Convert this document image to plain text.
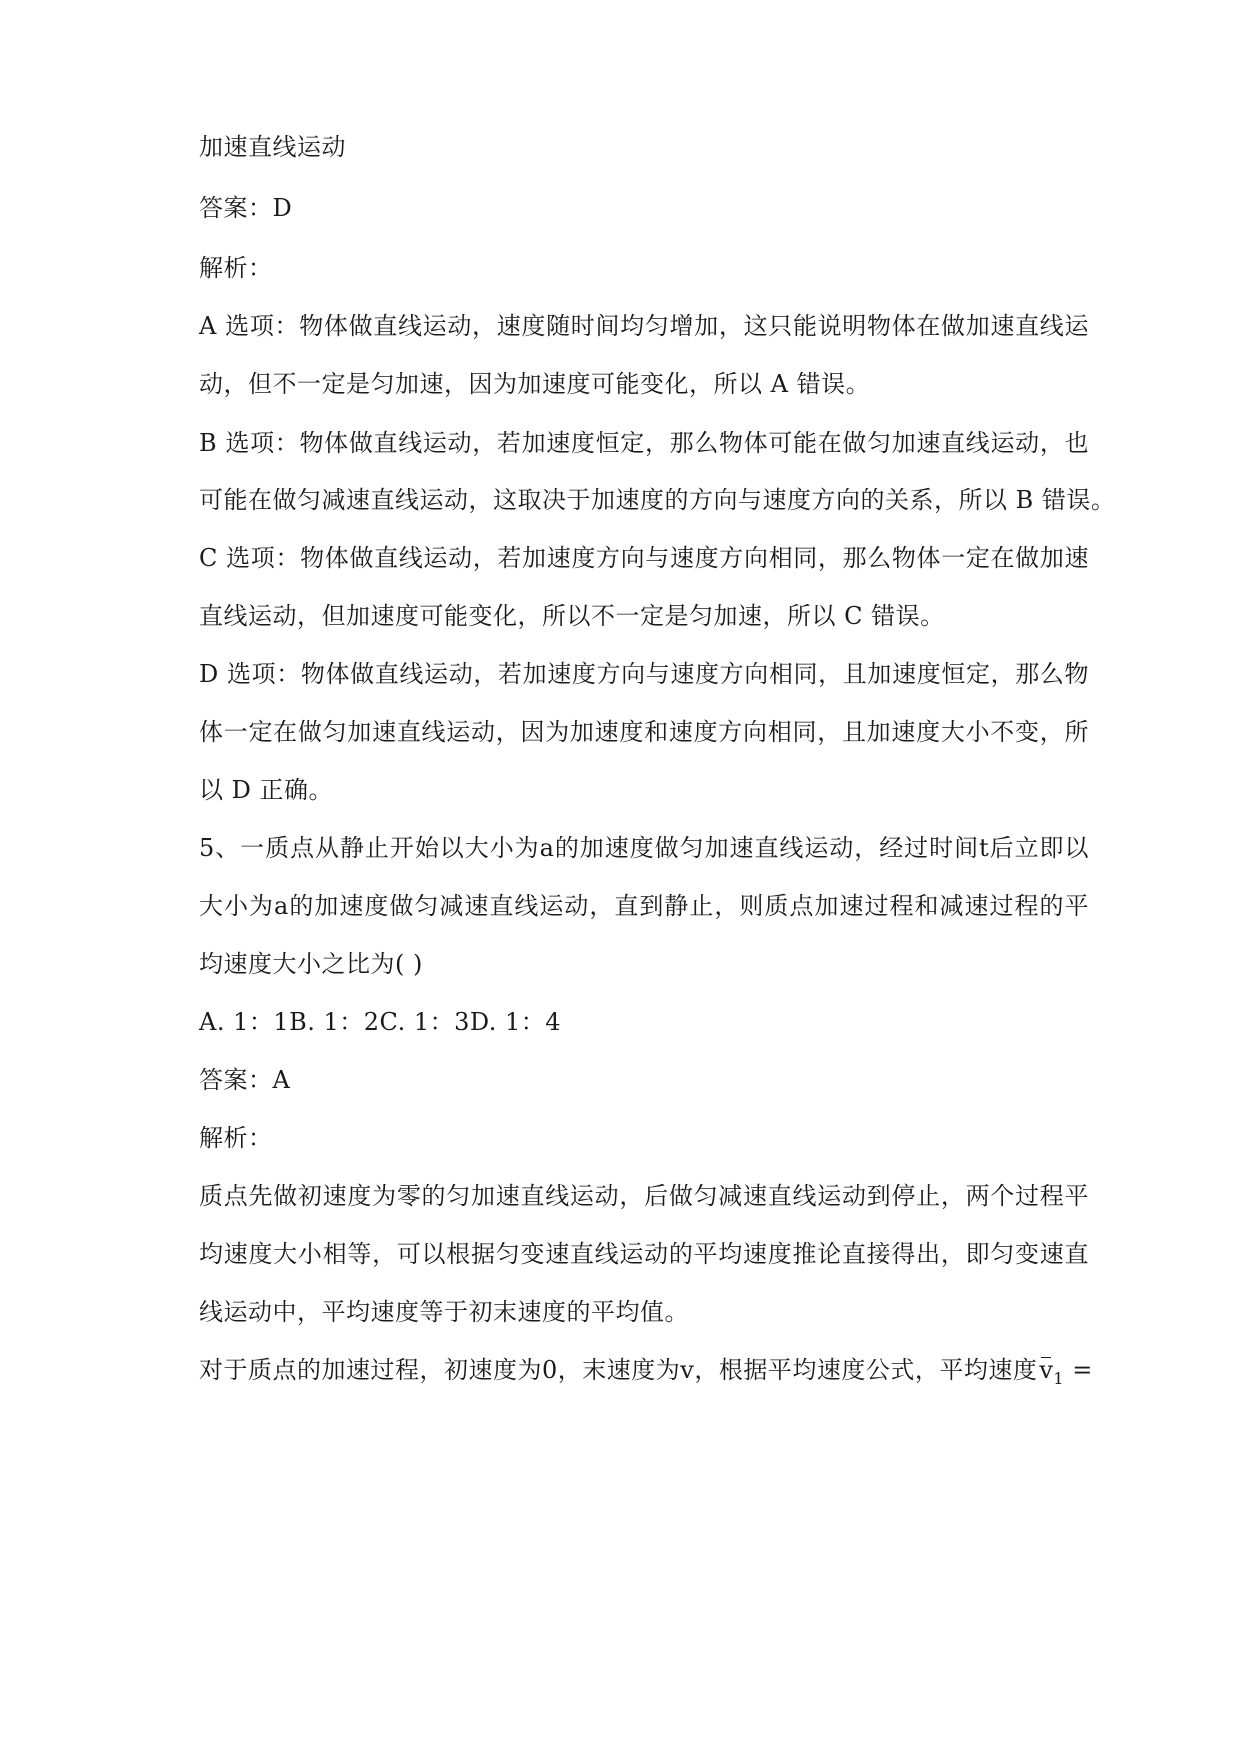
加速直线运动
答案：D
解析：
A 选项：物体做直线运动，速度随时间均匀增加，这只能说明物体在做加速直线运
动，但不一定是匀加速，因为加速度可能变化，所以 A 错误。
B 选项：物体做直线运动，若加速度恒定，那么物体可能在做匀加速直线运动，也
可能在做匀减速直线运动，这取决于加速度的方向与速度方向的关系，所以 B 错误。
C 选项：物体做直线运动，若加速度方向与速度方向相同，那么物体一定在做加速
直线运动，但加速度可能变化，所以不一定是匀加速，所以 C 错误。
D 选项：物体做直线运动，若加速度方向与速度方向相同，且加速度恒定，那么物
体一定在做匀加速直线运动，因为加速度和速度方向相同，且加速度大小不变，所
以 D 正确。
5、一质点从静止开始以大小为a的加速度做匀加速直线运动，经过时间t后立即以
大小为a的加速度做匀减速直线运动，直到静止，则质点加速过程和减速过程的平
均速度大小之比为( )
A. 1：1B. 1：2C. 1：3D. 1：4
答案：A
解析：
质点先做初速度为零的匀加速直线运动，后做匀减速直线运动到停止，两个过程平
均速度大小相等，可以根据匀变速直线运动的平均速度推论直接得出，即匀变速直
线运动中，平均速度等于初末速度的平均值。
对于质点的加速过程，初速度为0，末速度为v，根据平均速度公式，平均速度$v_1$ =
